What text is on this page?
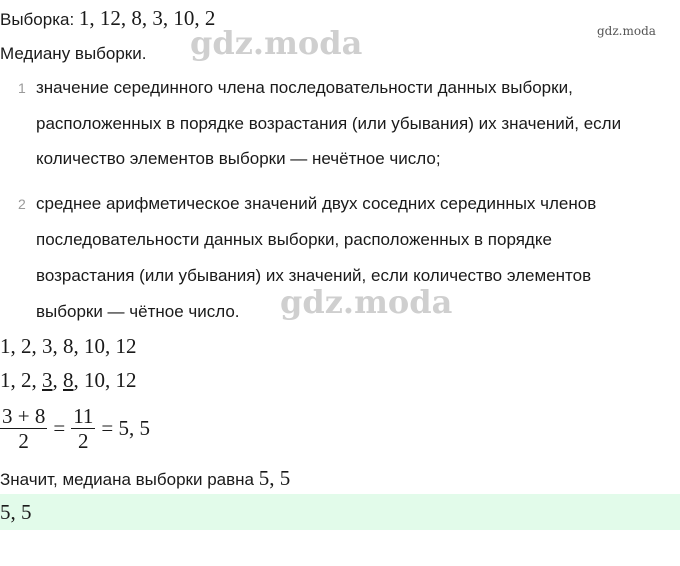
Выборка: 1, 12, 8, 3, 10, 2
gdz.moda
Медиану выборки. gdz.moda
1 значение серединного члена последовательности данных выборки,
расположенных в порядке возрастания (или убывания) их значений, если
количество элементов выборки — нечётное число;
2 среднее арифметическое значений двух соседних серединных членов
последовательности данных выборки, расположенных в порядке
возрастания (или убывания) их значений, если количество элементов
выборки — чётное число. gdz.moda
1, 2, 3, 8, 10, 12
1, 2, 3, 8, 10, 12
$\frac{3 + 8}{2} = \frac{11}{2} = 5$, 5
Значит, медиана выборки равна 5, 5
5, 5
